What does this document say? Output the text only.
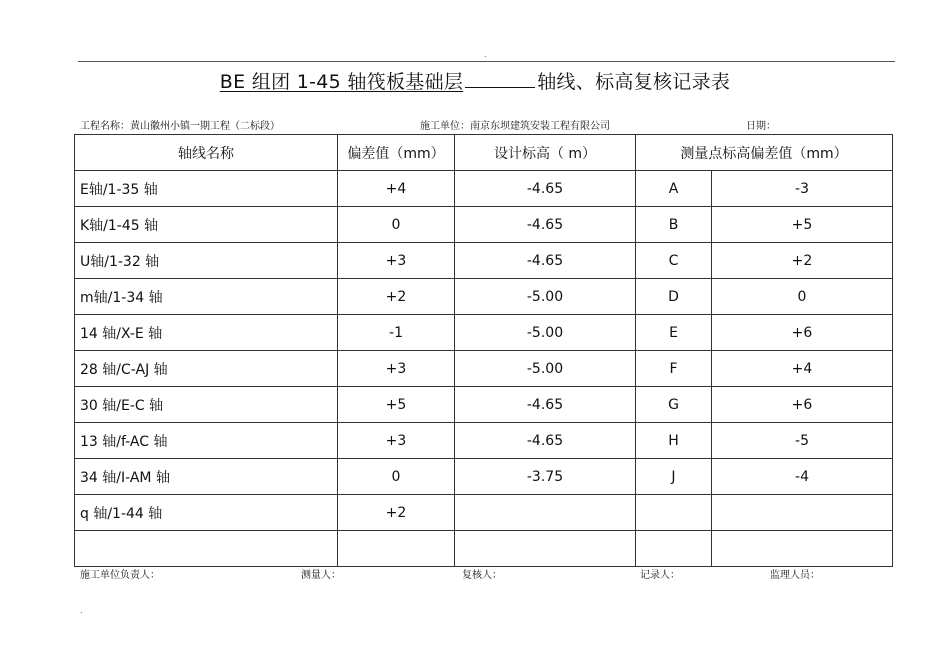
.
.
BE 组团 1-45 轴筏板基础层	轴线、标高复核记录表
工程名称：黄山徽州小镇一期工程（二标段）	施工单位：南京东坝建筑安装工程有限公司	日期：
轴线名称	偏差值（mm）	设计标高（ m）	测量点标高偏差值（mm）	
E轴/1-35 轴	+4	-4.65	A	-3
K轴/1-45 轴	0	-4.65	B	+5
U轴/1-32 轴	+3	-4.65	C	+2
m轴/1-34 轴	+2	-5.00	D	0
14 轴/X-E 轴	-1	-5.00	E	+6
28 轴/C-AJ 轴	+3	-5.00	F	+4
30 轴/E-C 轴	+5	-4.65	G	+6
13 轴/f-AC 轴	+3	-4.65	H	-5
34 轴/I-AM 轴	0	-3.75	J	-4
q 轴/1-44 轴	+2			

施工单位负责人：	测量人：	复核人：	记录人：	监理人员：
